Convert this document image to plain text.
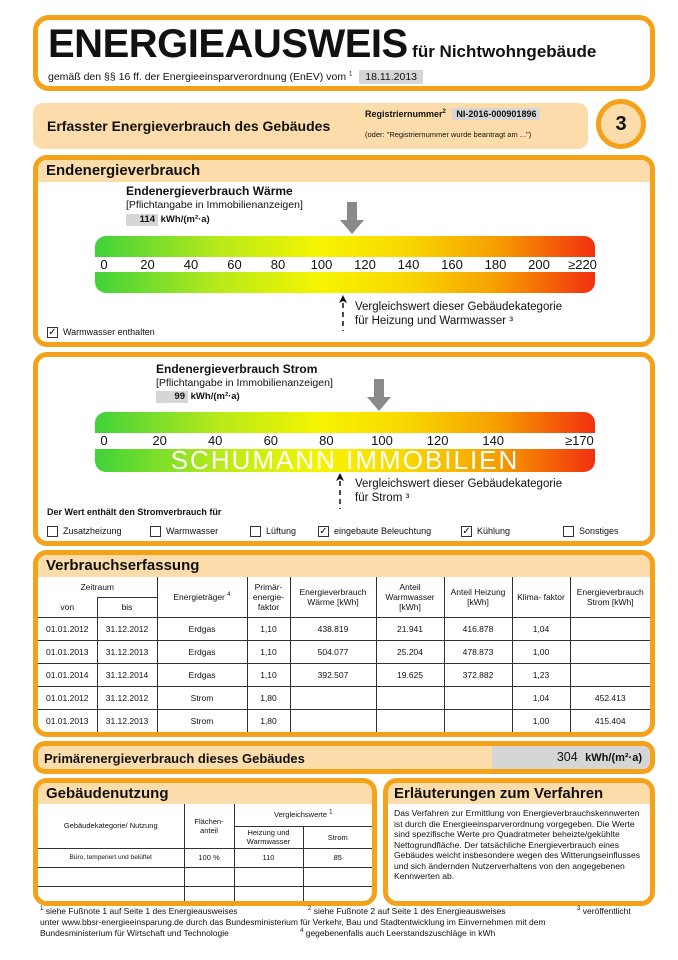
ENERGIEAUSWEIS für Nichtwohngebäude
gemäß den §§ 16 ff. der Energieeinsparverordnung (EnEV) vom $^1$ 18.11.2013
Erfasster Energieverbrauch des Gebäudes
Registriernummer$^2$ NI-2016-000901896
(oder: "Registriernummer wurde beantragt am ...")	3
Endenergieverbrauch
Endenergieverbrauch Wärme
[Pflichtangabe in Immobilienanzeigen]
114 kWh/(m²·a)
0	20 40 60 80 100 120 140 160 180 200 ≥220
Vergleichswert dieser Gebäudekategorie
für Heizung und Warmwasser ³
✓ Warmwasser enthalten
Endenergieverbrauch Strom
[Pflichtangabe in Immobilienanzeigen]
99 kWh/(m²·a)
SCHUMANN IMMOBILIEN
0	20	40	60	80	100	120	140	≥170
Vergleichswert dieser Gebäudekategorie
für Strom ³
Der Wert enthält den Stromverbrauch für
Zusatzheizung	Warmwasser	Lüftung ✓ eingebaute Beleuchtung	✓ Kühlung	Sonstiges
Verbrauchserfassung
Zeitraum		Energieträger $^4$	Primär- energie- faktor	Energieverbrauch Wärme [kWh]	Anteil Warmwasser [kWh]	Anteil Heizung [kWh]	Klima- faktor	Energieverbrauch Strom [kWh]
von	bis							
01.01.2012	31.12.2012	Erdgas	1,10	438.819	21.941	416.878	1,04	
01.01.2013	31.12.2013	Erdgas	1,10	504.077	25.204	478.873	1,00	
01.01.2014	31.12.2014	Erdgas	1,10	392.507	19.625	372.882	1,23	
01.01.2012	31.12.2012	Strom	1,80				1,04	452.413
01.01.2013	31.12.2013	Strom	1,80				1,00	415.404
Primärenergieverbrauch dieses Gebäudes	304 kWh/(m²·a)
Gebäudenutzung
Gebäudekategorie/ Nutzung	Flächen- anteil	Vergleichswerte $^1$
		Heizung und Warmwasser	Strom
Büro, temperiert und belüftet	100 %	110	85

Erläuterungen zum Verfahren
Das Verfahren zur Ermittlung von Energieverbrauchskennwerten ist durch die Energieeinsparverordnung vorgegeben. Die Werte sind spezifische Werte pro Quadratmeter beheizte/gekühlte Nettogrundfläche. Der tatsächliche Energieverbrauch eines Gebäudes weicht insbesondere wegen des Witterungseinflusses und sich ändernden Nutzerverhaltens von den angegebenen Kennwerten ab.
$^1$ siehe Fußnote 1 auf Seite 1 des Energieausweises	$^2$ siehe Fußnote 2 auf Seite 1 des Energieausweises	$^3$ veröffentlicht
unter www.bbsr-energieeinsparung.de durch das Bundesministerium für Verkehr, Bau und Stadtentwicklung im Einvernehmen mit dem
Bundesministerium für Wirtschaft und Technologie	$^4$ gegebenenfalls auch Leerstandszuschläge in kWh
